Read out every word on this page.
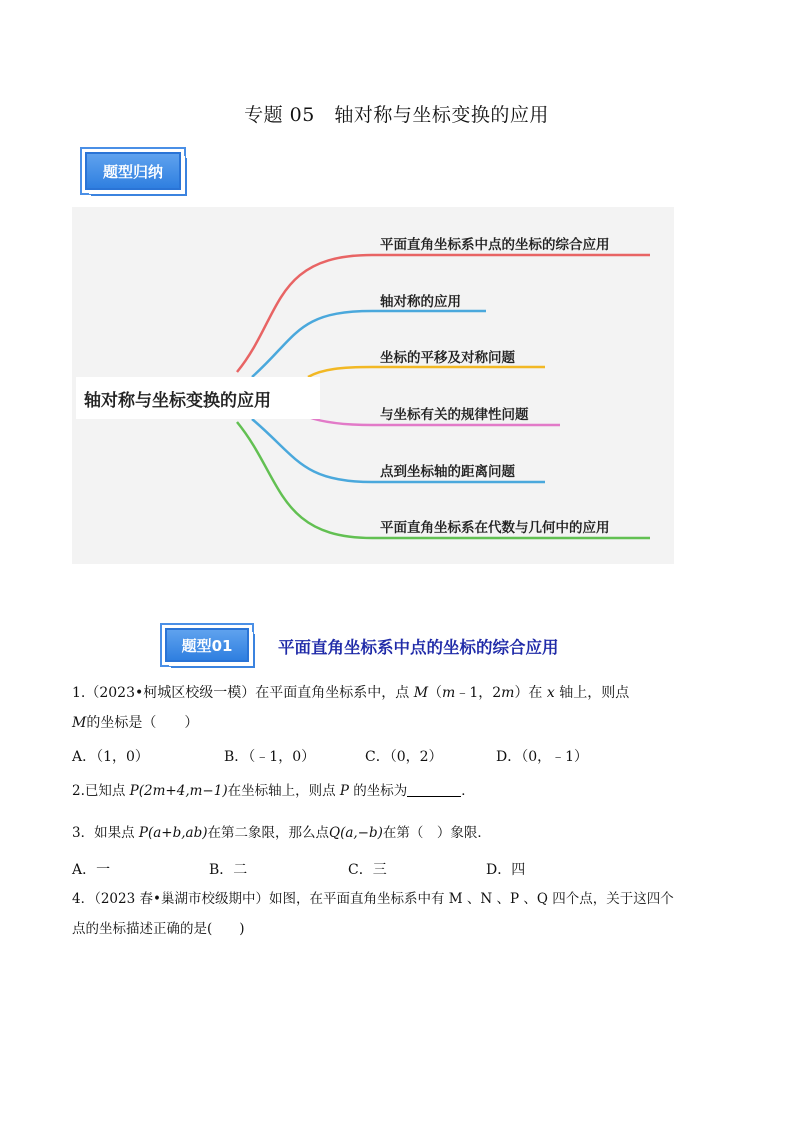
专题 05　轴对称与坐标变换的应用
题型归纳
轴对称与坐标变换的应用
平面直角坐标系中点的坐标的综合应用
轴对称的应用
坐标的平移及对称问题
与坐标有关的规律性问题
点到坐标轴的距离问题
平面直角坐标系在代数与几何中的应用
题型01	平面直角坐标系中点的坐标的综合应用
1.（2023•柯城区校级一模）在平面直角坐标系中，点 M（m﹣1，2m）在 x 轴上，则点
M的坐标是（　　）
A．（1，0）	B．（﹣1，0）	C．（0，2）	D．（0，﹣1）
2.已知点 P(2m+4,m−1)在坐标轴上，则点 P 的坐标为	．
3．如果点 P(a+b,ab)在第二象限，那么点Q(a,−b)在第（　）象限．
A．一	B．二	C．三	D．四
4．（2023 春•巢湖市校级期中）如图，在平面直角坐标系中有 M 、N 、P 、Q 四个点，关于这四个
点的坐标描述正确的是(　　)
